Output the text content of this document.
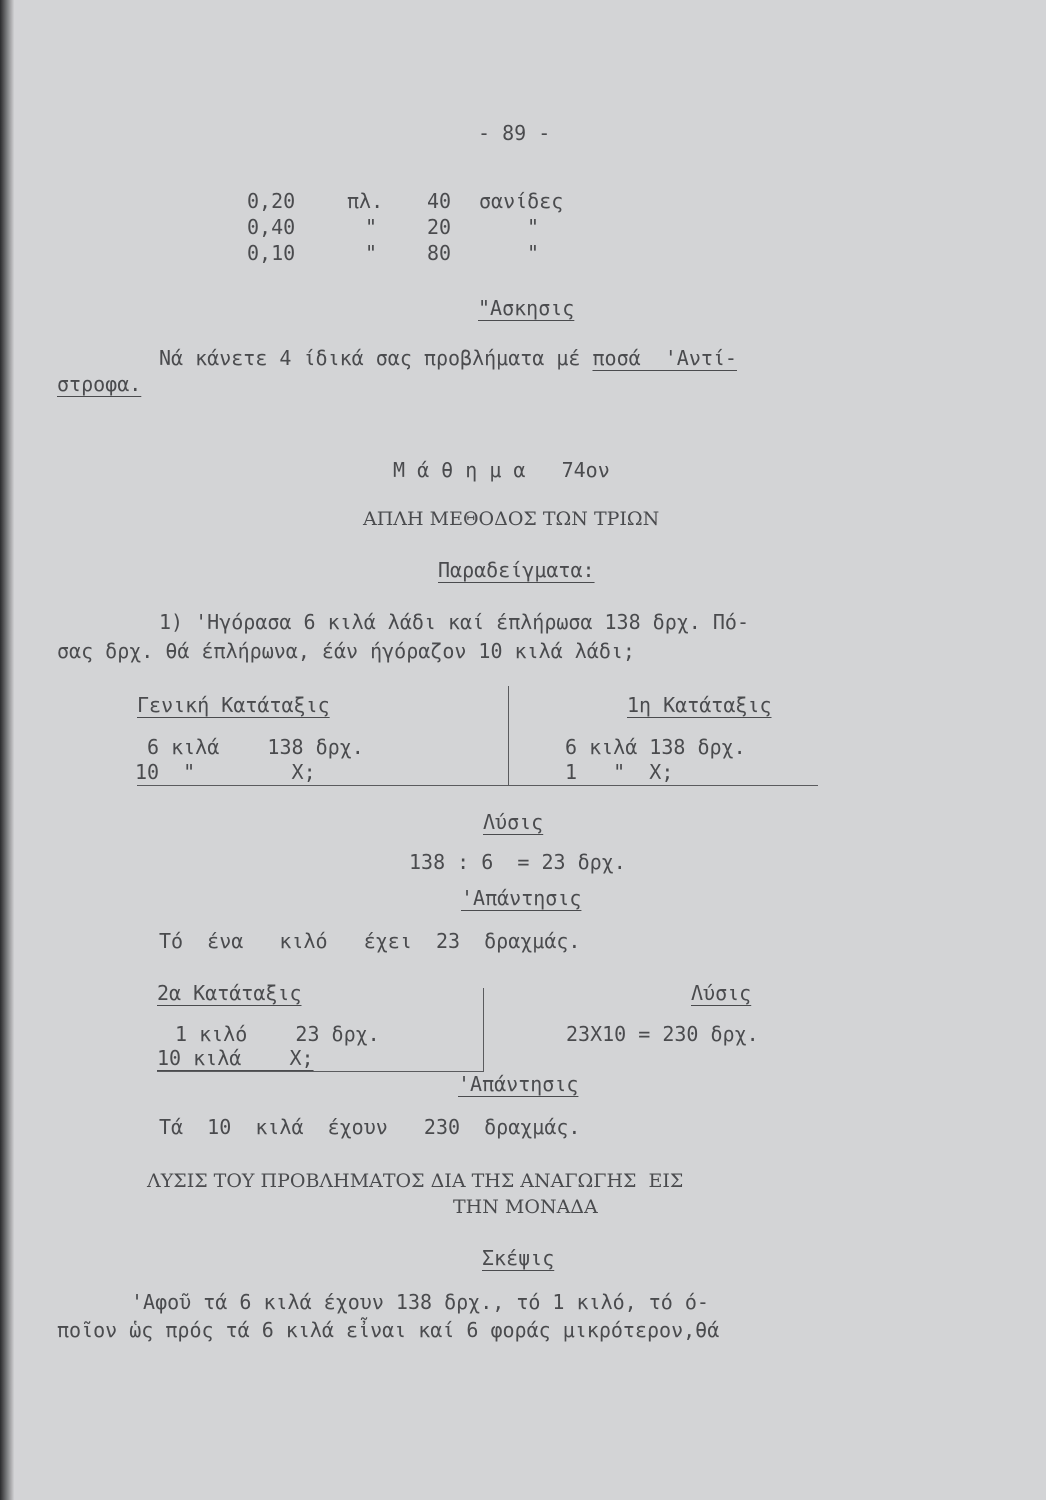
- 89 -
0,20	πλ. 40 σανίδες
0,40	" 20	"
0,10	" 80	"
"Ασκησις
Νά κάνετε 4 ίδικά σας προβλήματα μέ ποσά  'Αντί-
στροφα.
Μ ά θ η μ α   74ον
ΑΠΛΗ ΜΕΘΟΔΟΣ ΤΩΝ ΤΡΙΩΝ
Παραδείγματα:
1) 'Ηγόρασα 6 κιλά λάδι καί έπλήρωσα 138 δρχ. Πό-
σας δρχ. θά έπλήρωνα, έάν ήγόραζον 10 κιλά λάδι;
Γενική Κατάταξις
6 κιλά    138 δρχ.
10  "        Χ;
1η Κατάταξις
6 κιλά 138 δρχ.
1   "  Χ;
Λύσις
138 : 6  = 23 δρχ.
'Απάντησις
Τό  ένα   κιλό   έχει  23  δραχμάς.
2α Κατάταξις
1 κιλό    23 δρχ.
10 κιλά    Χ;
Λύσις
23Χ10 = 230 δρχ.
'Απάντησις
Τά  10  κιλά  έχουν   230  δραχμάς.
ΛΥΣΙΣ ΤΟΥ ΠΡΟΒΛΗΜΑΤΟΣ ΔΙΑ ΤΗΣ ΑΝΑΓΩΓΗΣ  ΕΙΣ
ΤΗΝ ΜΟΝΑΔΑ
Σκέψις
'Αφοῦ τά 6 κιλά έχουν 138 δρχ., τό 1 κιλό, τό ό-
ποῖον ὡς πρός τά 6 κιλά εἶναι καί 6 φοράς μικρότερον,θά
